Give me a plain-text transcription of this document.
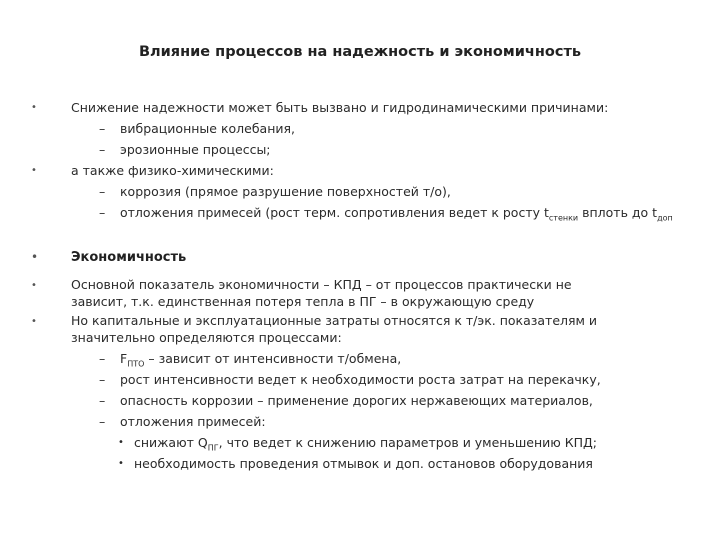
Влияние процессов на надежность и экономичность
•	Снижение надежности может быть вызвано и гидродинамическими причинами:
– вибрационные колебания,
– эрозионные процессы;
•	а также физико-химическими:
– коррозия (прямое разрушение поверхностей т/о),
– отложения примесей (рост терм. сопротивления ведет к росту $t_{стенки}$ вплоть до $t_{доп}$
•	Экономичность
•	Основной показатель экономичности – КПД – от процессов практически не зависит, т.к. единственная потеря тепла в ПГ – в окружающую среду
•	Но капитальные и эксплуатационные затраты относятся к т/эк. показателям и значительно определяются процессами:
– $F_{ПТО}$ – зависит от интенсивности т/обмена,
– рост интенсивности ведет к необходимости роста затрат на перекачку,
– опасность коррозии – применение дорогих нержавеющих материалов,
– отложения примесей:
• снижают $Q_{ПГ}$, что ведет к снижению параметров и уменьшению КПД;
• необходимость проведения отмывок и доп. остановов оборудования
